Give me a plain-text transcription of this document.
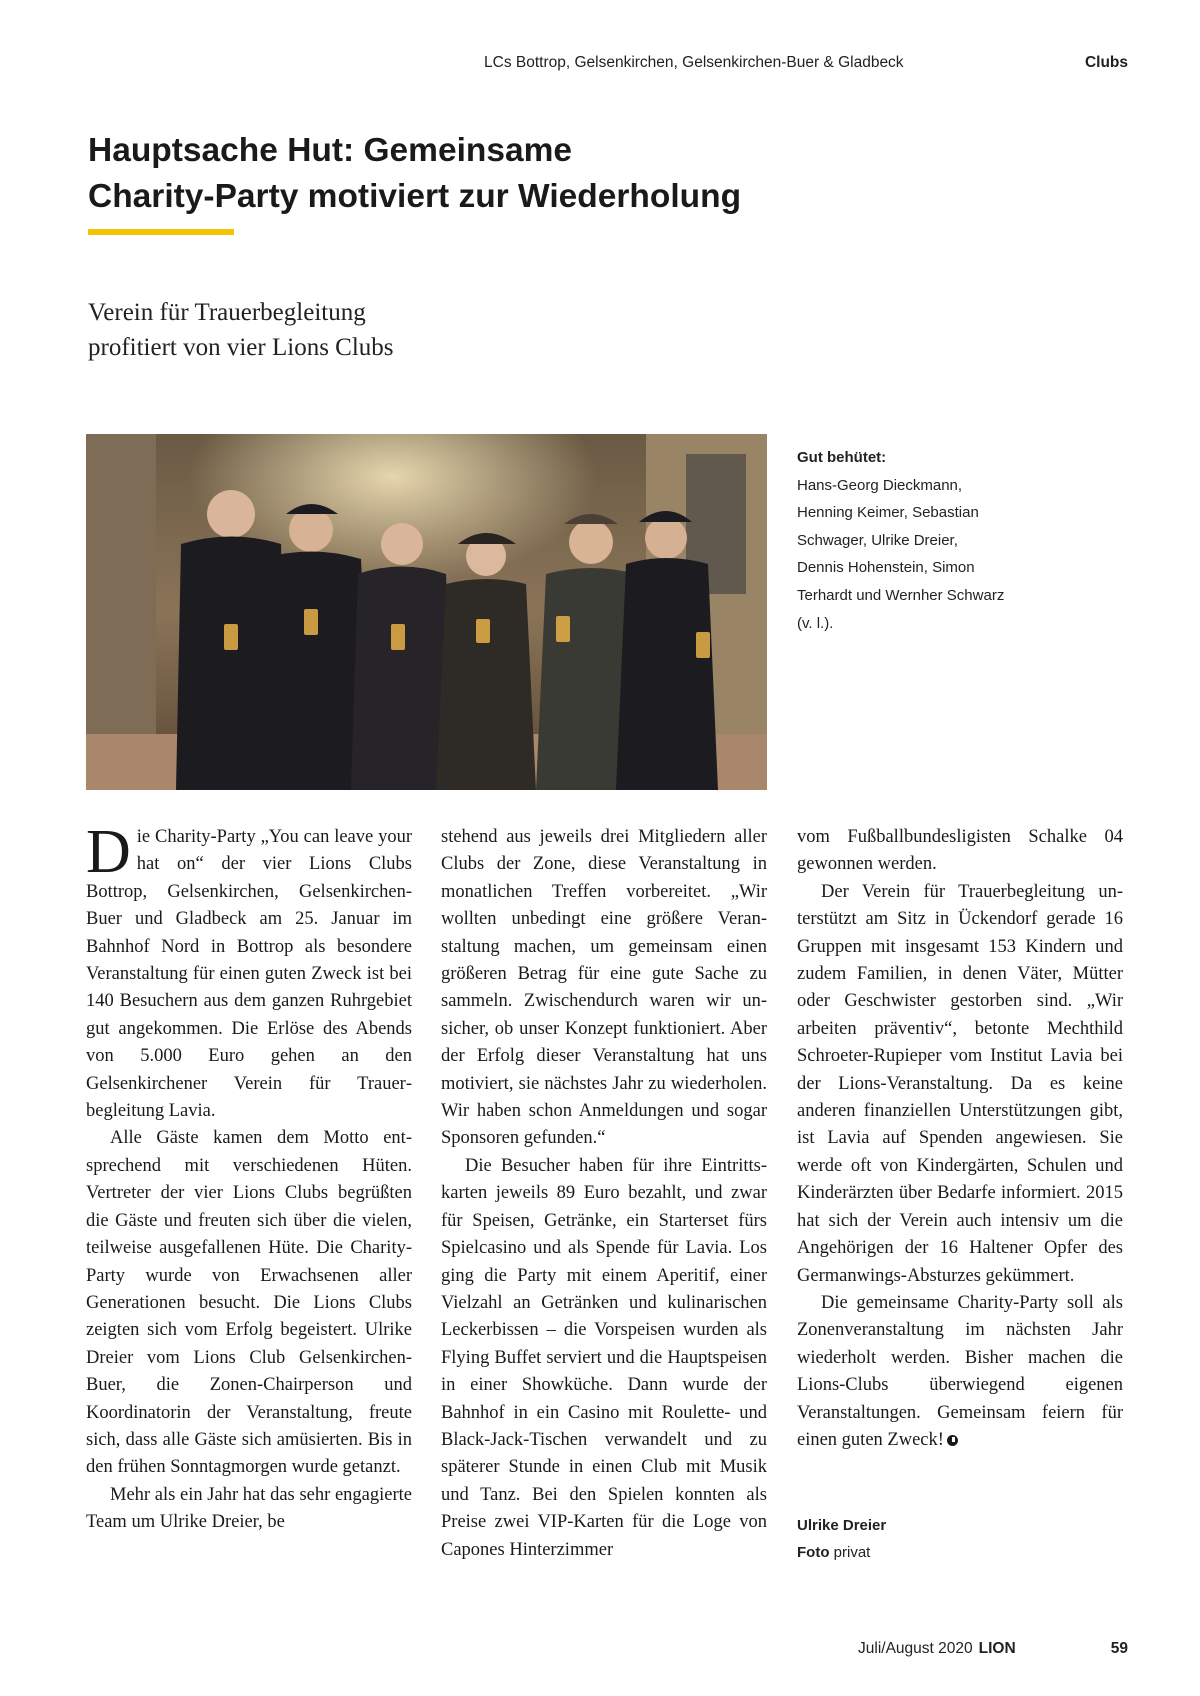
LCs Bottrop, Gelsenkirchen, Gelsenkirchen-Buer & Gladbeck	Clubs
Hauptsache Hut: Gemeinsame
Charity-Party motiviert zur Wiederholung
Verein für Trauerbegleitung
profitiert von vier Lions Clubs
Gut behütet:
Hans-Georg Dieckmann, Henning Keimer, Sebastian Schwager, Ulrike Dreier, Dennis Hohenstein, Simon Terhardt und Wernher Schwarz (v. l.).

Die Charity-Party „You can leave your hat on“ der vier Lions Clubs Bottrop, Gelsenkirchen, Gelsenkirchen-Buer und Gladbeck am 25. Januar im Bahnhof Nord in Bottrop als besondere Veranstaltung für einen guten Zweck ist bei 140 Besuchern aus dem ganzen Ruhrgebiet gut angekommen. Die Erlöse des Abends von 5.000 Euro gehen an den Gelsenkirchener Verein für Trauerbegleitung Lavia.

Alle Gäste kamen dem Motto entsprechend mit verschiedenen Hüten. Vertreter der vier Lions Clubs begrüßten die Gäste und freuten sich über die vielen, teilweise ausgefallenen Hüte. Die Charity-Party wurde von Erwachsenen aller Generationen besucht. Die Lions Clubs zeigten sich vom Erfolg begeistert. Ulrike Dreier vom Lions Club Gelsenkirchen-Buer, die Zonen-Chairperson und Koordinatorin der Veranstaltung, freute sich, dass alle Gäste sich amüsierten. Bis in den frühen Sonntagmorgen wurde getanzt.

Mehr als ein Jahr hat das sehr engagierte Team um Ulrike Dreier, be

stehend aus jeweils drei Mitgliedern aller Clubs der Zone, diese Veranstaltung in monatlichen Treffen vorbereitet. „Wir wollten unbedingt eine größere Veranstaltung machen, um gemeinsam einen größeren Betrag für eine gute Sache zu sammeln. Zwischendurch waren wir unsicher, ob unser Konzept funktioniert. Aber der Erfolg dieser Veranstaltung hat uns motiviert, sie nächstes Jahr zu wiederholen. Wir haben schon Anmeldungen und sogar Sponsoren gefunden.“

Die Besucher haben für ihre Eintrittskarten jeweils 89 Euro bezahlt, und zwar für Speisen, Getränke, ein Starterset fürs Spielcasino und als Spende für Lavia. Los ging die Party mit einem Aperitif, einer Vielzahl an Getränken und kulinarischen Leckerbissen – die Vorspeisen wurden als Flying Buffet serviert und die Hauptspeisen in einer Showküche. Dann wurde der Bahnhof in ein Casino mit Roulette- und Black-Jack-Tischen verwandelt und zu späterer Stunde in einen Club mit Musik und Tanz. Bei den Spielen konnten als Preise zwei VIP-Karten für die Loge von Capones Hinterzimmer

vom Fußballbundesligisten Schalke 04 gewonnen werden.

Der Verein für Trauerbegleitung unterstützt am Sitz in Ückendorf gerade 16 Gruppen mit insgesamt 153 Kindern und zudem Familien, in denen Väter, Mütter oder Geschwister gestorben sind. „Wir arbeiten präventiv“, betonte Mechthild Schroeter-Rupieper vom Institut Lavia bei der Lions-Veranstaltung. Da es keine anderen finanziellen Unterstützungen gibt, ist Lavia auf Spenden angewiesen. Sie werde oft von Kindergärten, Schulen und Kinderärzten über Bedarfe informiert. 2015 hat sich der Verein auch intensiv um die Angehörigen der 16 Haltener Opfer des Germanwings-Absturzes gekümmert.

Die gemeinsame Charity-Party soll als Zonenveranstaltung im nächsten Jahr wiederholt werden. Bisher machen die Lions-Clubs überwiegend eigenen Veranstaltungen. Gemeinsam feiern für einen guten Zweck!

Ulrike Dreier
Foto privat
Juli/August 2020 LION	59
